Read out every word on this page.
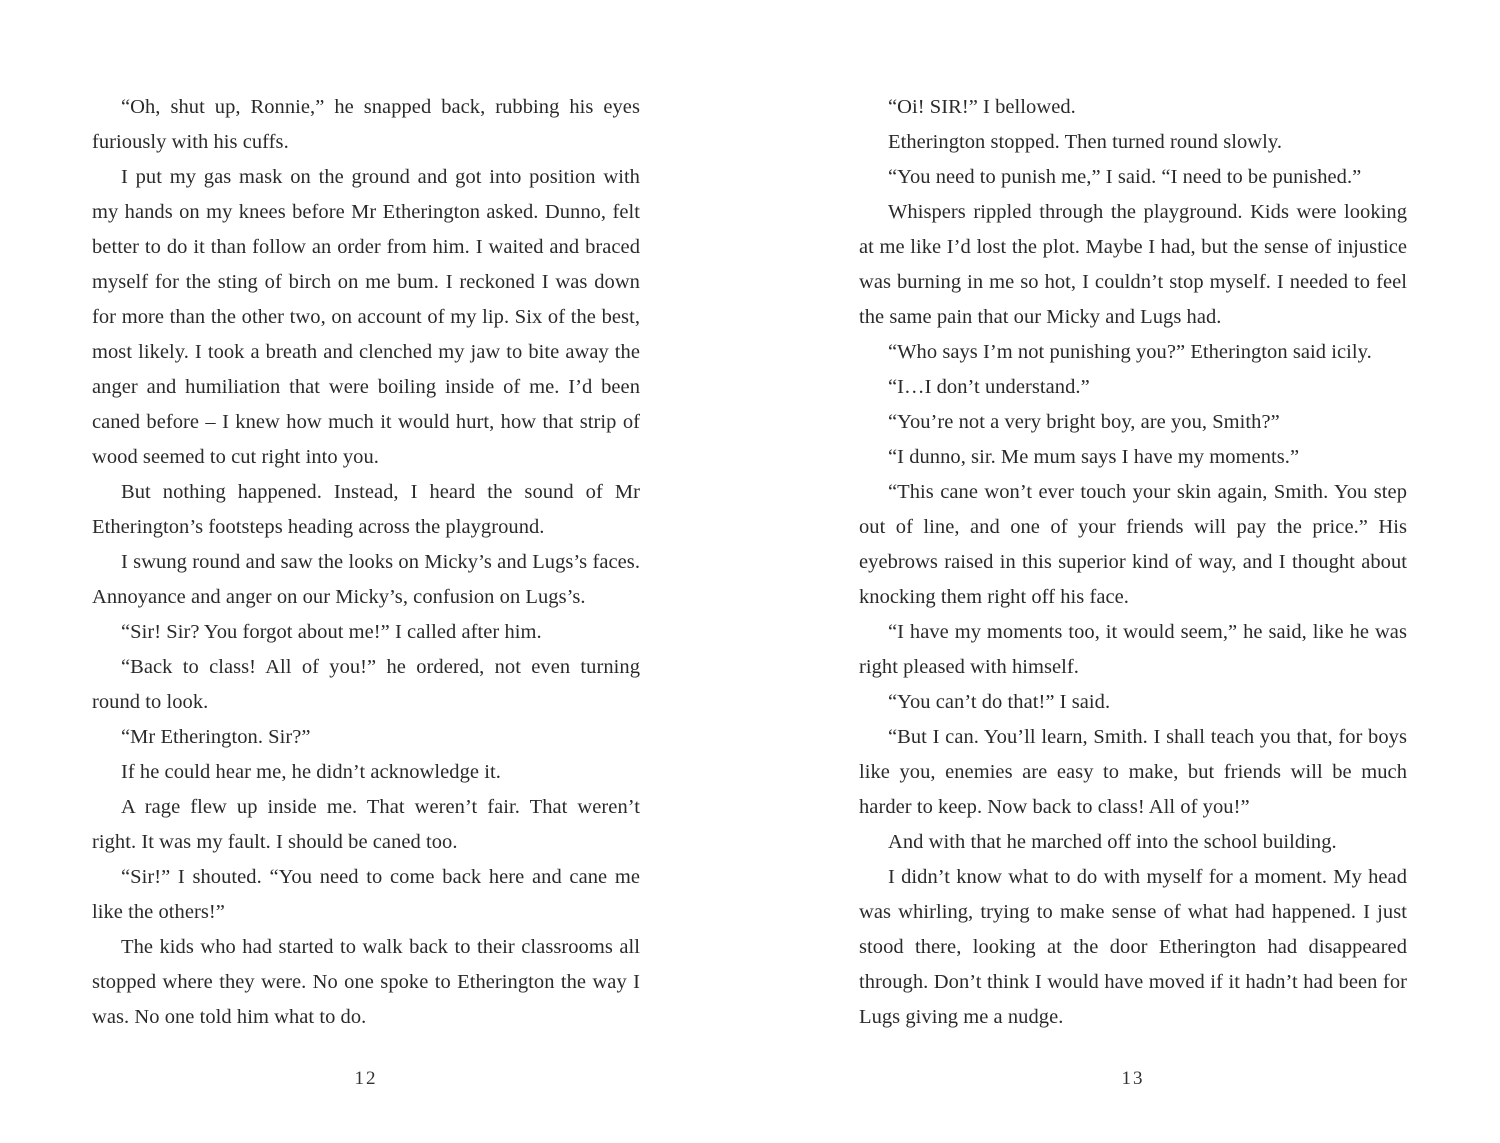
“Oh, shut up, Ronnie,” he snapped back, rubbing his eyes furiously with his cuffs.

I put my gas mask on the ground and got into position with my hands on my knees before Mr Etherington asked. Dunno, felt better to do it than follow an order from him. I waited and braced myself for the sting of birch on me bum. I reckoned I was down for more than the other two, on account of my lip. Six of the best, most likely. I took a breath and clenched my jaw to bite away the anger and humiliation that were boiling inside of me. I’d been caned before – I knew how much it would hurt, how that strip of wood seemed to cut right into you.

But nothing happened. Instead, I heard the sound of Mr Etherington’s footsteps heading across the playground.

I swung round and saw the looks on Micky’s and Lugs’s faces. Annoyance and anger on our Micky’s, confusion on Lugs’s.

“Sir! Sir? You forgot about me!” I called after him.

“Back to class! All of you!” he ordered, not even turning round to look.

“Mr Etherington. Sir?”

If he could hear me, he didn’t acknowledge it.

A rage flew up inside me. That weren’t fair. That weren’t right. It was my fault. I should be caned too.

“Sir!” I shouted. “You need to come back here and cane me like the others!”

The kids who had started to walk back to their classrooms all stopped where they were. No one spoke to Etherington the way I was. No one told him what to do.

“Oi! SIR!” I bellowed.

Etherington stopped. Then turned round slowly.

“You need to punish me,” I said. “I need to be punished.”

Whispers rippled through the playground. Kids were looking at me like I’d lost the plot. Maybe I had, but the sense of injustice was burning in me so hot, I couldn’t stop myself. I needed to feel the same pain that our Micky and Lugs had.

“Who says I’m not punishing you?” Etherington said icily.

“I…I don’t understand.”

“You’re not a very bright boy, are you, Smith?”

“I dunno, sir. Me mum says I have my moments.”

“This cane won’t ever touch your skin again, Smith. You step out of line, and one of your friends will pay the price.” His eyebrows raised in this superior kind of way, and I thought about knocking them right off his face.

“I have my moments too, it would seem,” he said, like he was right pleased with himself.

“You can’t do that!” I said.

“But I can. You’ll learn, Smith. I shall teach you that, for boys like you, enemies are easy to make, but friends will be much harder to keep. Now back to class! All of you!”

And with that he marched off into the school building.

I didn’t know what to do with myself for a moment. My head was whirling, trying to make sense of what had happened. I just stood there, looking at the door Etherington had disappeared through. Don’t think I would have moved if it hadn’t had been for Lugs giving me a nudge.

12	13
